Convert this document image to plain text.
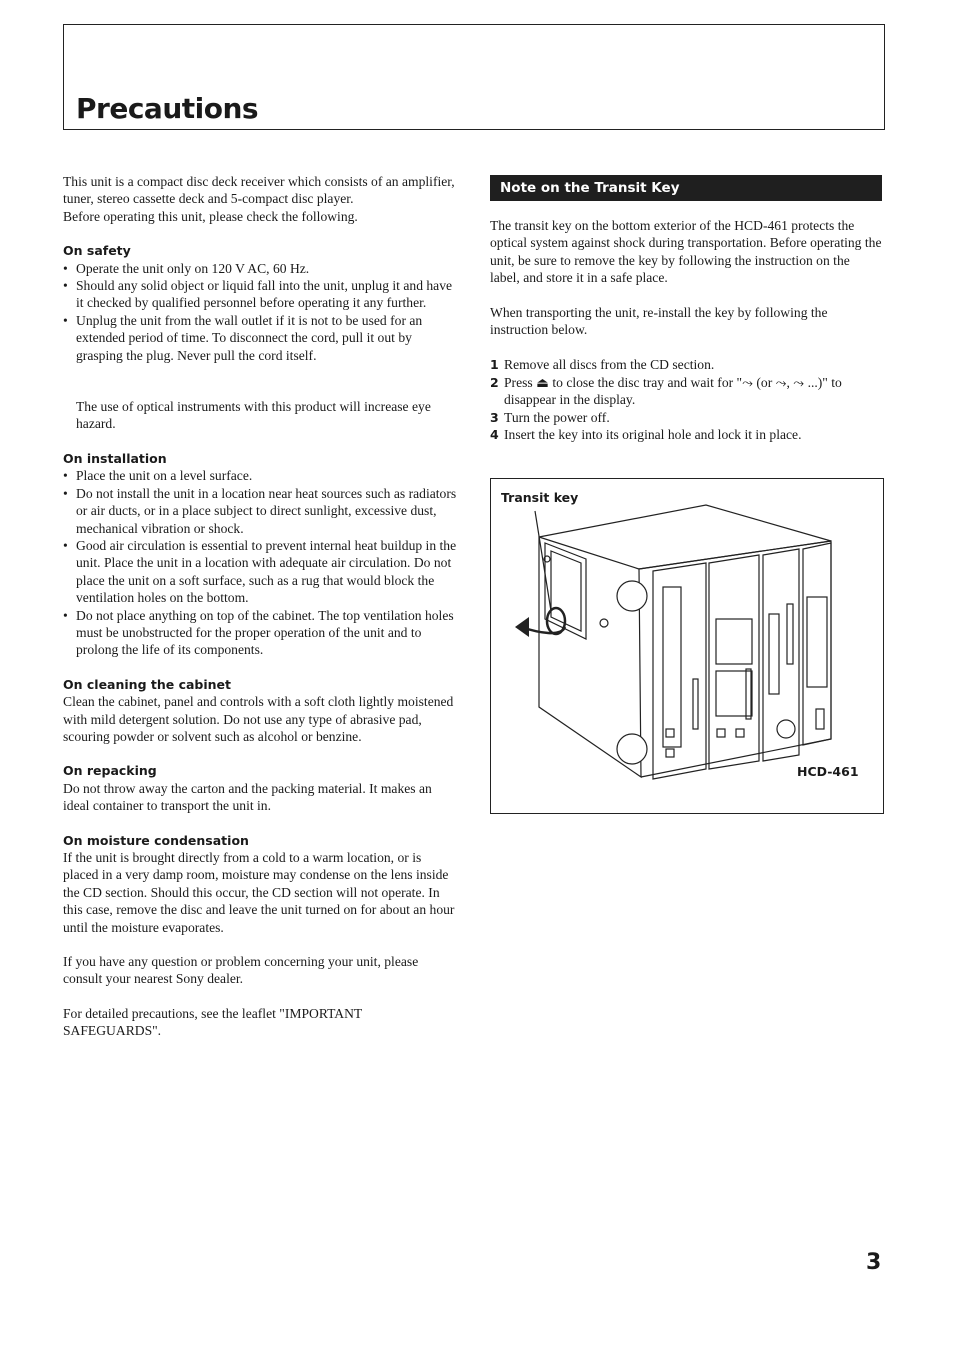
Precautions

This unit is a compact disc deck receiver which consists of an amplifier, tuner, stereo cassette deck and 5-compact disc player.

Before operating this unit, please check the following.

On safety
• Operate the unit only on 120 V AC, 60 Hz.
• Should any solid object or liquid fall into the unit, unplug it and have it checked by qualified personnel before operating it any further.
• Unplug the unit from the wall outlet if it is not to be used for an extended period of time. To disconnect the cord, pull it out by grasping the plug. Never pull the cord itself.

The use of optical instruments with this product will increase eye hazard.

On installation
• Place the unit on a level surface.
• Do not install the unit in a location near heat sources such as radiators or air ducts, or in a place subject to direct sunlight, excessive dust, mechanical vibration or shock.
• Good air circulation is essential to prevent internal heat buildup in the unit. Place the unit in a location with adequate air circulation. Do not place the unit on a soft surface, such as a rug that would block the ventilation holes on the bottom.
• Do not place anything on top of the cabinet. The top ventilation holes must be unobstructed for the proper operation of the unit and to prolong the life of its components.
On cleaning the cabinet

Clean the cabinet, panel and controls with a soft cloth lightly moistened with mild detergent solution. Do not use any type of abrasive pad, scouring powder or solvent such as alcohol or benzine.

On repacking

Do not throw away the carton and the packing material. It makes an ideal container to transport the unit in.

On moisture condensation

If the unit is brought directly from a cold to a warm location, or is placed in a very damp room, moisture may condense on the lens inside the CD section. Should this occur, the CD section will not operate. In this case, remove the disc and leave the unit turned on for about an hour until the moisture evaporates.

If you have any question or problem concerning your unit, please consult your nearest Sony dealer.

For detailed precautions, see the leaflet "IMPORTANT SAFEGUARDS".

Note on the Transit Key

The transit key on the bottom exterior of the HCD-461 protects the optical system against shock during transportation. Before operating the unit, be sure to remove the key by following the instruction on the label, and store it in a safe place.

When transporting the unit, re-install the key by following the instruction below.

1 Remove all discs from the CD section.
2 Press ⏏ to close the disc tray and wait for "⤳ (or ⤳, ⤳ ...)" to disappear in the display.
3 Turn the power off.
4 Insert the key into its original hole and lock it in place.
Transit key
HCD-461
3
